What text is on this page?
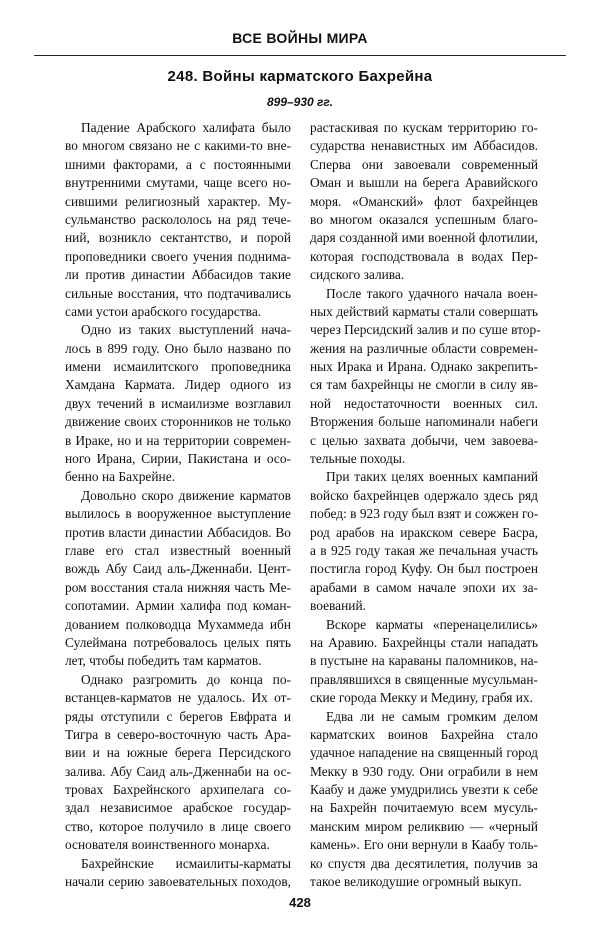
ВСЕ ВОЙНЫ МИРА
248. Войны карматского Бахрейна
899–930 гг.
Падение Арабского халифата было
во многом связано не с какими-то вне-
шними факторами, а с постоянными
внутренними смутами, чаще всего но-
сившими религиозный характер. Му-
сульманство раскололось на ряд тече-
ний, возникло сектантство, и порой
проповедники своего учения поднима-
ли против династии Аббасидов такие
сильные восстания, что подтачивались
сами устои арабского государства.
Одно из таких выступлений нача-
лось в 899 году. Оно было названо по
имени исмаилитского проповедника
Хамдана Кармата. Лидер одного из
двух течений в исмаилизме возглавил
движение своих сторонников не только
в Ираке, но и на территории современ-
ного Ирана, Сирии, Пакистана и осо-
бенно на Бахрейне.
Довольно скоро движение карматов
вылилось в вооруженное выступление
против власти династии Аббасидов. Во
главе его стал известный военный
вождь Абу Саид аль-Дженнаби. Цент-
ром восстания стала нижняя часть Ме-
сопотамии. Армии халифа под коман-
дованием полководца Мухаммеда ибн
Сулеймана потребовалось целых пять
лет, чтобы победить там карматов.
Однако разгромить до конца по-
встанцев-карматов не удалось. Их от-
ряды отступили с берегов Евфрата и
Тигра в северо-восточную часть Ара-
вии и на южные берега Персидского
залива. Абу Саид аль-Дженнаби на ос-
тровах Бахрейнского архипелага со-
здал независимое арабское государ-
ство, которое получило в лице своего
основателя воинственного монарха.
Бахрейнские исмаилиты-карматы
начали серию завоевательных походов,
растаскивая по кускам территорию го-
сударства ненавистных им Аббасидов.
Сперва они завоевали современный
Оман и вышли на берега Аравийского
моря. «Оманский» флот бахрейнцев
во многом оказался успешным благо-
даря созданной ими военной флотилии,
которая господствовала в водах Пер-
сидского залива.
После такого удачного начала воен-
ных действий карматы стали совершать
через Персидский залив и по суше втор-
жения на различные области современ-
ных Ирака и Ирана. Однако закрепить-
ся там бахрейнцы не смогли в силу яв-
ной недостаточности военных сил.
Вторжения больше напоминали набеги
с целью захвата добычи, чем завоева-
тельные походы.
При таких целях военных кампаний
войско бахрейнцев одержало здесь ряд
побед: в 923 году был взят и сожжен го-
род арабов на иракском севере Басра,
а в 925 году такая же печальная участь
постигла город Куфу. Он был построен
арабами в самом начале эпохи их за-
воеваний.
Вскоре карматы «перенацелились»
на Аравию. Бахрейнцы стали нападать
в пустыне на караваны паломников, на-
правлявшихся в священные мусульман-
ские города Мекку и Медину, грабя их.
Едва ли не самым громким делом
карматских воинов Бахрейна стало
удачное нападение на священный город
Мекку в 930 году. Они ограбили в нем
Каабу и даже умудрились увезти к себе
на Бахрейн почитаемую всем мусуль-
манским миром реликвию — «черный
камень». Его они вернули в Каабу толь-
ко спустя два десятилетия, получив за
такое великодушие огромный выкуп.
428
